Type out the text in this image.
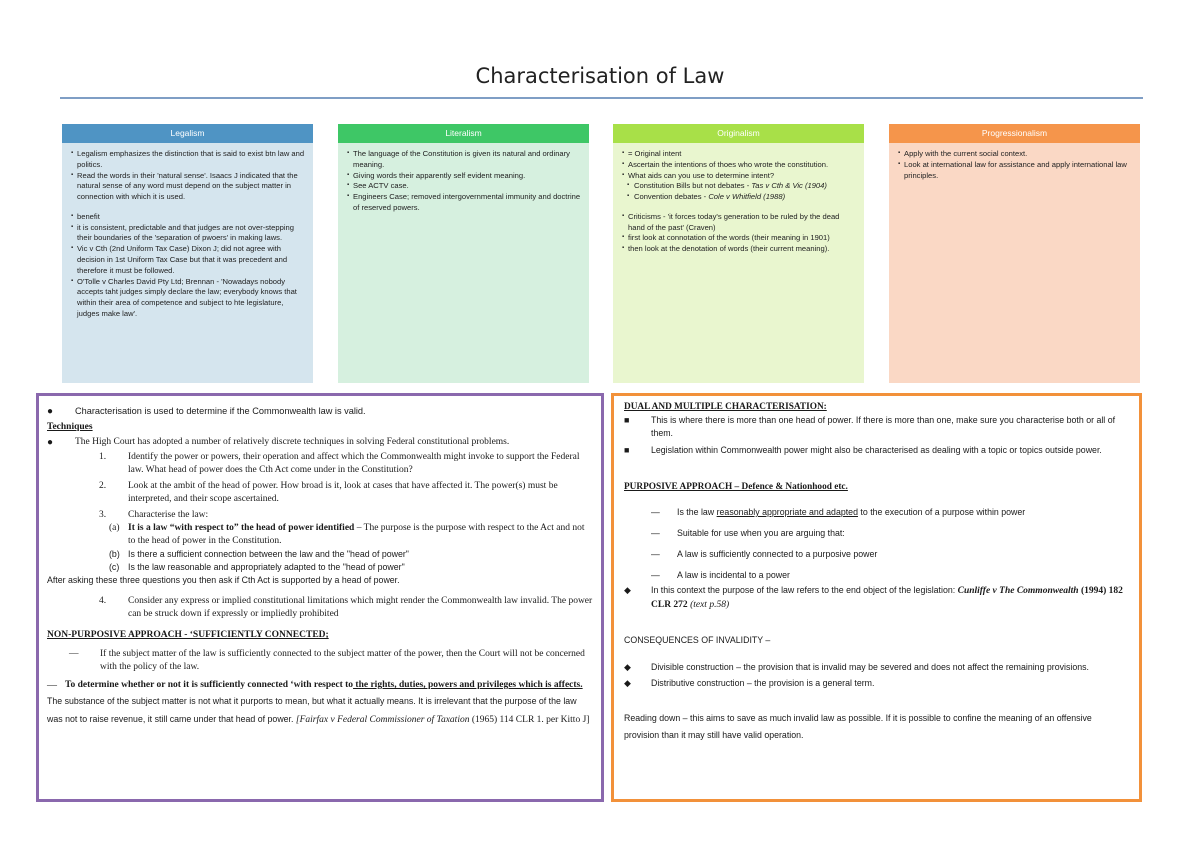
Characterisation of Law
Legalism
▪ Legalism emphasizes the distinction that is said to exist btn law and politics.
▪ Read the words in their 'natural sense'. Isaacs J indicated that the natural sense of any word must depend on the subject matter in connection with which it is used.
▪ benefit
▪ it is consistent, predictable and that judges are not over-stepping their boundaries of the 'separation of pwoers' in making laws.
▪ Vic v Cth (2nd Uniform Tax Case) Dixon J; did not agree with decision in 1st Uniform Tax Case but that it was precedent and therefore it must be followed.
▪ O'Tolle v Charles David Pty Ltd; Brennan - 'Nowadays nobody accepts taht judges simply declare the law; everybody knows that within their area of competence and subject to hte legislature, judges make law'.
Literalism
▪ The language of the Constitution is given its natural and ordinary meaning.
▪ Giving words their apparently self evident meaning.
▪ See ACTV case.
▪ Engineers Case; removed intergovernmental immunity and doctrine of reserved powers.
Originalism
▪ = Original intent
▪ Ascertain the intentions of thoes who wrote the constitution.
▪ What aids can you use to determine intent?
▪ Constitution Bills but not debates - Tas v Cth & Vic (1904)
▪ Convention debates - Cole v Whitfield (1988)
▪ Criticisms - 'it forces today's generation to be ruled by the dead hand of the past' (Craven)
▪ first look at connotation of the words (their meaning in 1901)
▪ then look at the denotation of words (their current meaning).
Progressionalism
▪ Apply with the current social context.
▪ Look at international law for assistance and apply international law principles.
●	Characterisation is used to determine if the Commonwealth law is valid.
Techniques
●	The High Court has adopted a number of relatively discrete techniques in solving Federal constitutional problems.
1.	Identify the power or powers, their operation and affect which the Commonwealth might invoke to support the Federal law. What head of power does the Cth Act come under in the Constitution?
2.	Look at the ambit of the head of power. How broad is it, look at cases that have affected it. The power(s) must be interpreted, and their scope ascertained.
3.	Characterise the law:
(a) It is a law “with respect to” the head of power identified – The purpose is the purpose with respect to the Act and not to the head of power in the Constitution.
(b) Is there a sufficient connection between the law and the "head of power"
(c) Is the law reasonable and appropriately adapted to the "head of power"
After asking these three questions you then ask if Cth Act is supported by a head of power.
4.	Consider any express or implied constitutional limitations which might render the Commonwealth law invalid. The power can be struck down if expressly or impliedly prohibited
NON-PURPOSIVE APPROACH - ‘SUFFICIENTLY CONNECTED;
—	If the subject matter of the law is sufficiently connected to the subject matter of the power, then the Court will not be concerned with the policy of the law.
— To determine whether or not it is sufficiently connected ‘with respect to the rights, duties, powers and privileges which is affects.
The substance of the subject matter is not what it purports to mean, but what it actually means. It is irrelevant that the purpose of the law was not to raise revenue, it still came under that head of power. [Fairfax v Federal Commissioner of Taxation (1965) 114 CLR 1. per Kitto J]
DUAL AND MULTIPLE CHARACTERISATION:
■	This is where there is more than one head of power. If there is more than one, make sure you characterise both or all of them.
■	Legislation within Commonwealth power might also be characterised as dealing with a topic or topics outside power.
PURPOSIVE APPROACH – Defence & Nationhood etc.
—	Is the law reasonably appropriate and adapted to the execution of a purpose within power
—	Suitable for use when you are arguing that:
—	A law is sufficiently connected to a purposive power
—	A law is incidental to a power
◆	In this context the purpose of the law refers to the end object of the legislation: Cunliffe v The Commonwealth (1994) 182 CLR 272 (text p.58)
CONSEQUENCES OF INVALIDITY –
◆	Divisible construction – the provision that is invalid may be severed and does not affect the remaining provisions.
◆	Distributive construction – the provision is a general term.
Reading down – this aims to save as much invalid law as possible. If it is possible to confine the meaning of an offensive provision than it may still have valid operation.
